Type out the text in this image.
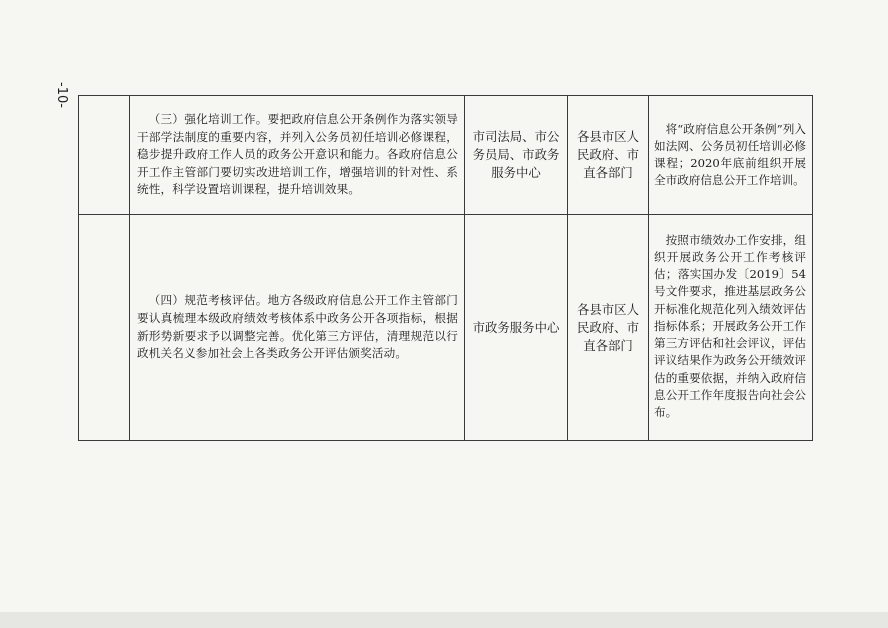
-10-

	（三）强化培训工作。要把政府信息公开条例作为落实领导干部学法制度的重要内容，并列入公务员初任培训必修课程，稳步提升政府工作人员的政务公开意识和能力。各政府信息公开工作主管部门要切实改进培训工作，增强培训的针对性、系统性，科学设置培训课程，提升培训效果。	市司法局、市公务员局、市政务服务中心	各县市区人民政府、市直各部门	将“政府信息公开条例”列入如法网、公务员初任培训必修课程；2020年底前组织开展全市政府信息公开工作培训。

	（四）规范考核评估。地方各级政府信息公开工作主管部门要认真梳理本级政府绩效考核体系中政务公开各项指标，根据新形势新要求予以调整完善。优化第三方评估，清理规范以行政机关名义参加社会上各类政务公开评估颁奖活动。	市政务服务中心	各县市区人民政府、市直各部门	按照市绩效办工作安排，组织开展政务公开工作考核评估；落实国办发〔2019〕54号文件要求，推进基层政务公开标准化规范化列入绩效评估指标体系；开展政务公开工作第三方评估和社会评议，评估评议结果作为政务公开绩效评估的重要依据，并纳入政府信息公开工作年度报告向社会公布。
